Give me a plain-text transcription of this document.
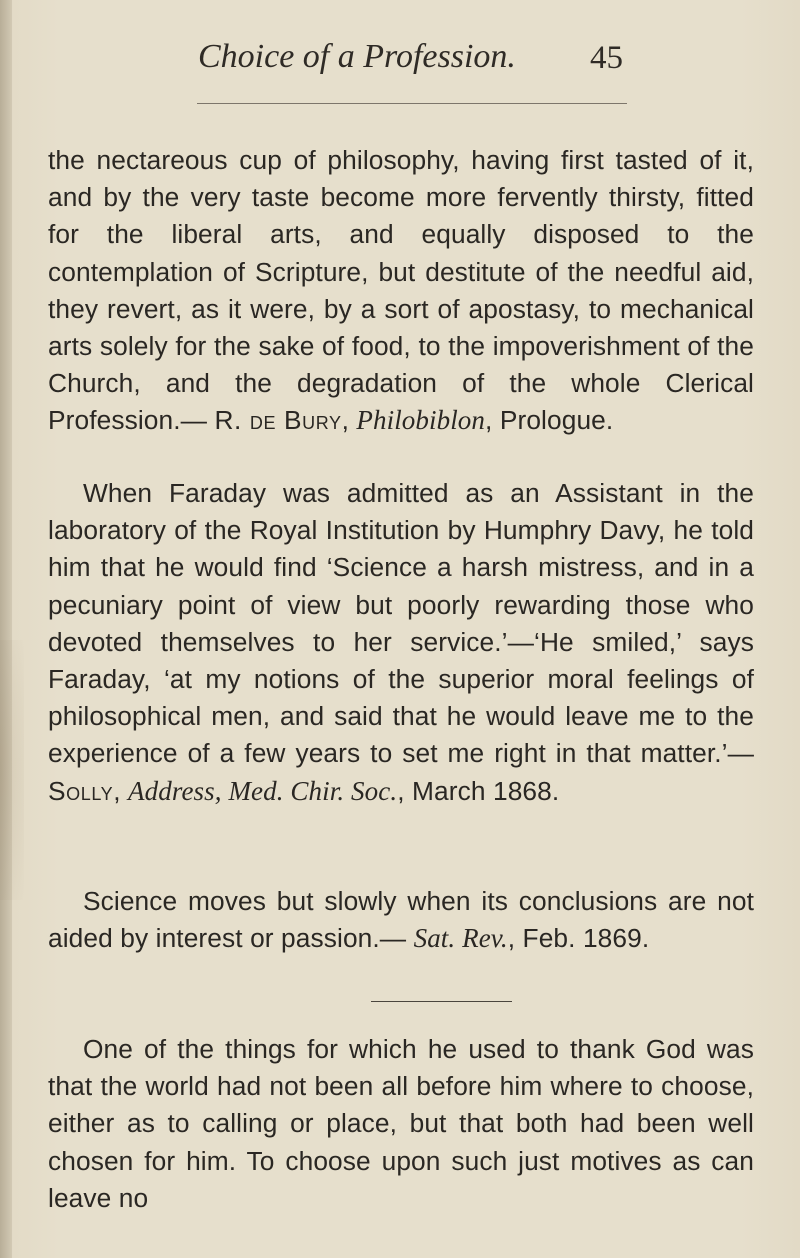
Choice of a Profession. 45

the nectareous cup of philosophy, having first tasted of it, and by the very taste become more fervently thirsty, fitted for the liberal arts, and equally disposed to the contemplation of Scripture, but destitute of the needful aid, they revert, as it were, by a sort of apostasy, to mechanical arts solely for the sake of food, to the impoverishment of the Church, and the degradation of the whole Clerical Profession.— R. de Bury, Philobiblon, Prologue.

When Faraday was admitted as an Assistant in the laboratory of the Royal Institution by Humphry Davy, he told him that he would find ‘Science a harsh mistress, and in a pecuniary point of view but poorly rewarding those who devoted themselves to her service.’—‘He smiled,’ says Faraday, ‘at my notions of the superior moral feelings of philosophical men, and said that he would leave me to the experience of a few years to set me right in that matter.’— Solly, Address, Med. Chir. Soc., March 1868.

Science moves but slowly when its conclusions are not aided by interest or passion.— Sat. Rev., Feb. 1869.

One of the things for which he used to thank God was that the world had not been all before him where to choose, either as to calling or place, but that both had been well chosen for him. To choose upon such just motives as can leave no
